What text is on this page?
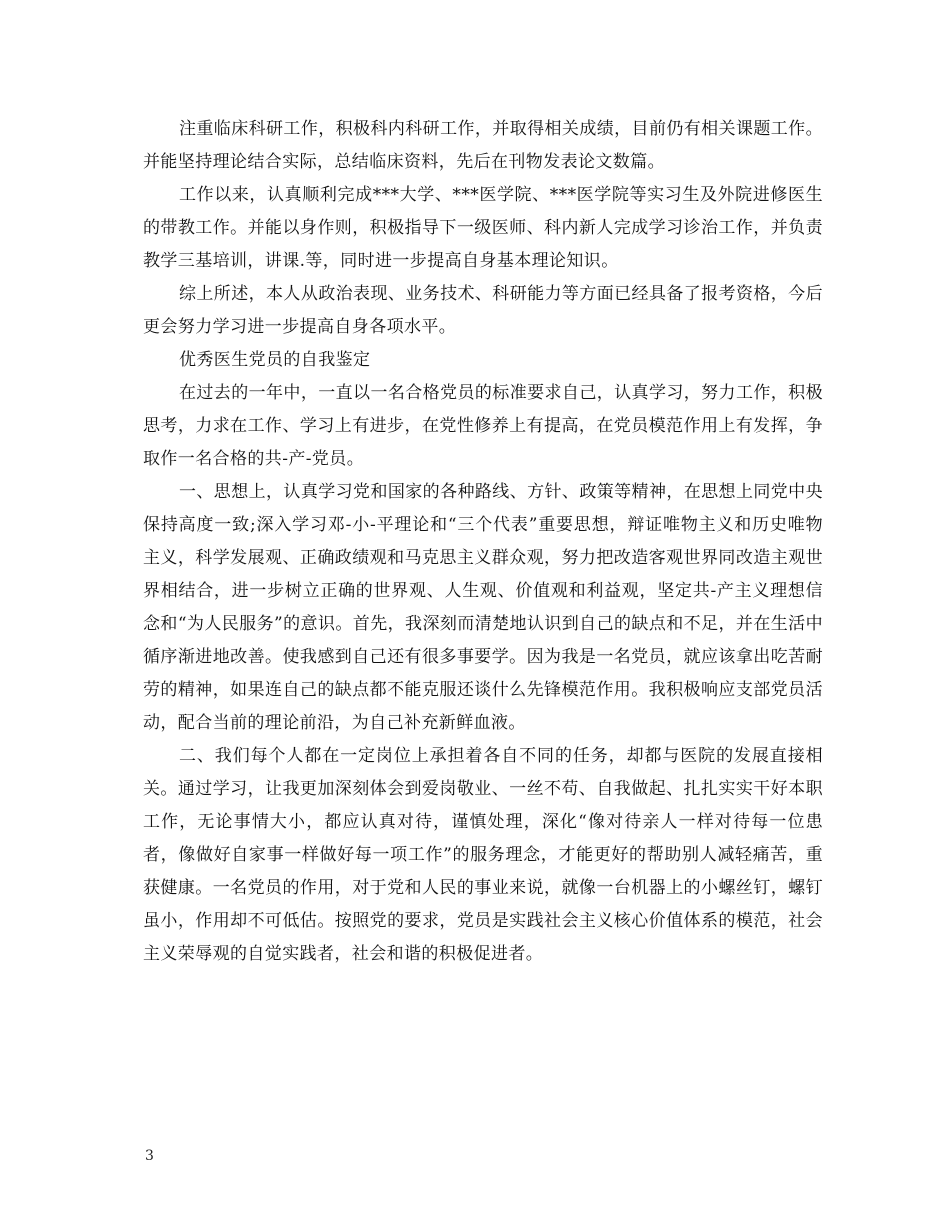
注重临床科研工作，积极科内科研工作，并取得相关成绩，目前仍有相关课题工作。并能坚持理论结合实际，总结临床资料，先后在刊物发表论文数篇。

工作以来，认真顺利完成***大学、***医学院、***医学院等实习生及外院进修医生的带教工作。并能以身作则，积极指导下一级医师、科内新人完成学习诊治工作，并负责教学三基培训，讲课.等，同时进一步提高自身基本理论知识。

综上所述，本人从政治表现、业务技术、科研能力等方面已经具备了报考资格，今后更会努力学习进一步提高自身各项水平。

优秀医生党员的自我鉴定

在过去的一年中，一直以一名合格党员的标准要求自己，认真学习，努力工作，积极思考，力求在工作、学习上有进步，在党性修养上有提高，在党员模范作用上有发挥，争取作一名合格的共-产-党员。

一、思想上，认真学习党和国家的各种路线、方针、政策等精神，在思想上同党中央保持高度一致;深入学习邓-小-平理论和“三个代表”重要思想，辩证唯物主义和历史唯物主义，科学发展观、正确政绩观和马克思主义群众观，努力把改造客观世界同改造主观世界相结合，进一步树立正确的世界观、人生观、价值观和利益观，坚定共-产主义理想信念和“为人民服务”的意识。首先，我深刻而清楚地认识到自己的缺点和不足，并在生活中循序渐进地改善。使我感到自己还有很多事要学。因为我是一名党员，就应该拿出吃苦耐劳的精神，如果连自己的缺点都不能克服还谈什么先锋模范作用。我积极响应支部党员活动，配合当前的理论前沿，为自己补充新鲜血液。

二、我们每个人都在一定岗位上承担着各自不同的任务，却都与医院的发展直接相关。通过学习，让我更加深刻体会到爱岗敬业、一丝不苟、自我做起、扎扎实实干好本职工作，无论事情大小，都应认真对待，谨慎处理，深化“像对待亲人一样对待每一位患者，像做好自家事一样做好每一项工作”的服务理念，才能更好的帮助别人减轻痛苦，重获健康。一名党员的作用，对于党和人民的事业来说，就像一台机器上的小螺丝钉，螺钉虽小，作用却不可低估。按照党的要求，党员是实践社会主义核心价值体系的模范，社会主义荣辱观的自觉实践者，社会和谐的积极促进者。

3
